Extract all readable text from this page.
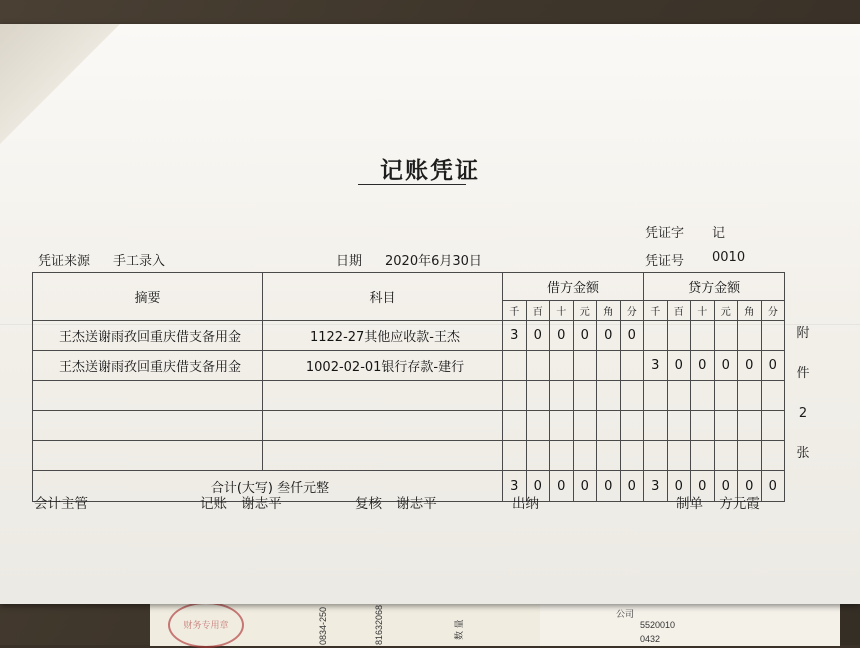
财务专用章	0834-250	81632068	数 量
公司
5520010
0432
记账凭证
凭证字 记
凭证来源 手工录入	日期 2020年6月30日	凭证号 0010
摘要	科目	借方金额						贷方金额					
		千	百	十	元	角	分	千	百	十	元	角	分
王杰送谢雨孜回重庆借支备用金	1122-27其他应收款-王杰	3	0	0	0	0	0						
王杰送谢雨孜回重庆借支备用金	1002-02-01银行存款-建行							3	0	0	0	0	0

合计(大写) 叁仟元整		3	0	0	0	0	0	3	0	0	0	0	0
附
件
2
张
会计主管	记账 谢志平	复核 谢志平	出纳	制单 方元霞
